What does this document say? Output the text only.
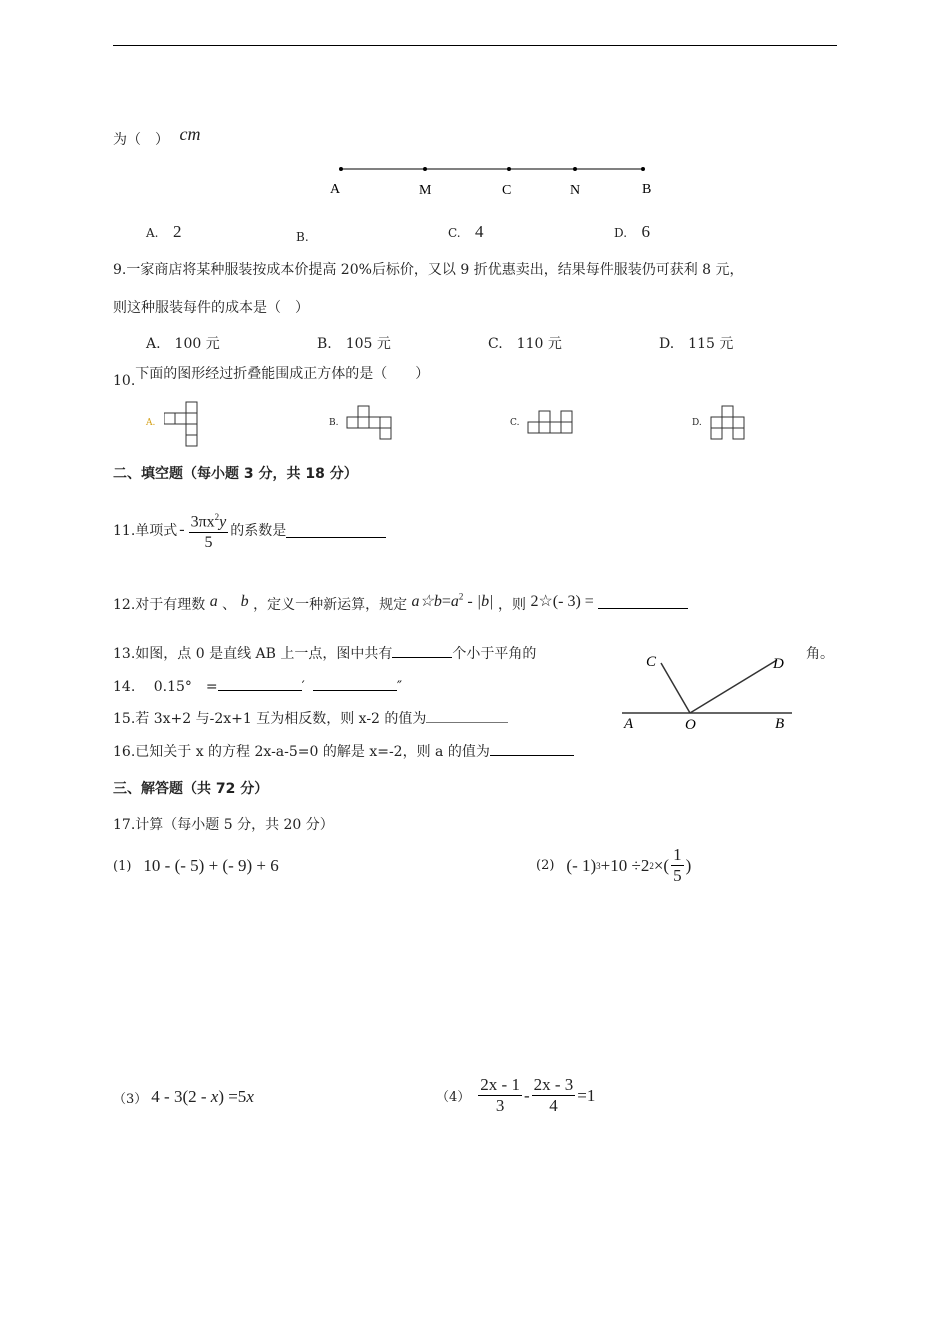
为（　） cm
A	M	C	N	B
A. 2	B.	C. 4	D. 6
9.一家商店将某种服装按成本价提高 20%后标价，又以 9 折优惠卖出，结果每件服装仍可获利 8 元，
则这种服装每件的成本是（　）
A.　100 元	B.　105 元	C.　110 元	D.　115 元
10.下面的图形经过折叠能围成正方体的是（　　）
A.	B.	C.	D.
二、填空题（每小题 3 分，共 18 分）
11.单项式 - $\frac{3\pi x^2y}{5}$ 的系数是
12.对于有理数 a 、 b ，定义一种新运算，规定 $a☆b=a^2 - |b|$ ，则 2☆(- 3) =
13.如图，点 0 是直线 AB 上一点，图中共有	个小于平角的	角。
A	O	B
C	D
14.　 0.15°　=	′	″
15.若 3x+2 与-2x+1 互为相反数，则 x-2 的值为
16.已知关于 x 的方程 2x-a-5=0 的解是 x=-2，则 a 的值为
三、解答题（共 72 分）
17.计算（每小题 5 分，共 20 分）
(1) 10 - (- 5) + (- 9) + 6	(2) (- 1) 3 +10 ÷2 2 ×( $\frac{1}{5}$ )
（3） 4 - 3(2 - x) =5x	$(4) \frac{2x - 1}{3} - \frac{2x - 3}{4} =1$
